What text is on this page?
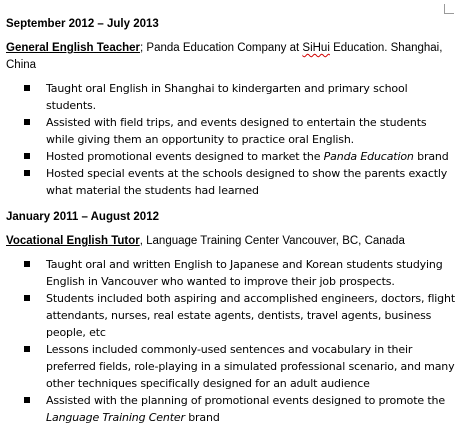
September 2012 – July 2013

General English Teacher; Panda Education Company at SiHui Education. Shanghai, China

Taught oral English in Shanghai to kindergarten and primary school students.
Assisted with field trips, and events designed to entertain the students while giving them an opportunity to practice oral English.
Hosted promotional events designed to market the Panda Education brand
Hosted special events at the schools designed to show the parents exactly what material the students had learned

January 2011 – August 2012

Vocational English Tutor, Language Training Center Vancouver, BC, Canada

Taught oral and written English to Japanese and Korean students studying English in Vancouver who wanted to improve their job prospects.
Students included both aspiring and accomplished engineers, doctors, flight attendants, nurses, real estate agents, dentists, travel agents, business people, etc
Lessons included commonly-used sentences and vocabulary in their preferred fields, role-playing in a simulated professional scenario, and many other techniques specifically designed for an adult audience
Assisted with the planning of promotional events designed to promote the Language Training Center brand
